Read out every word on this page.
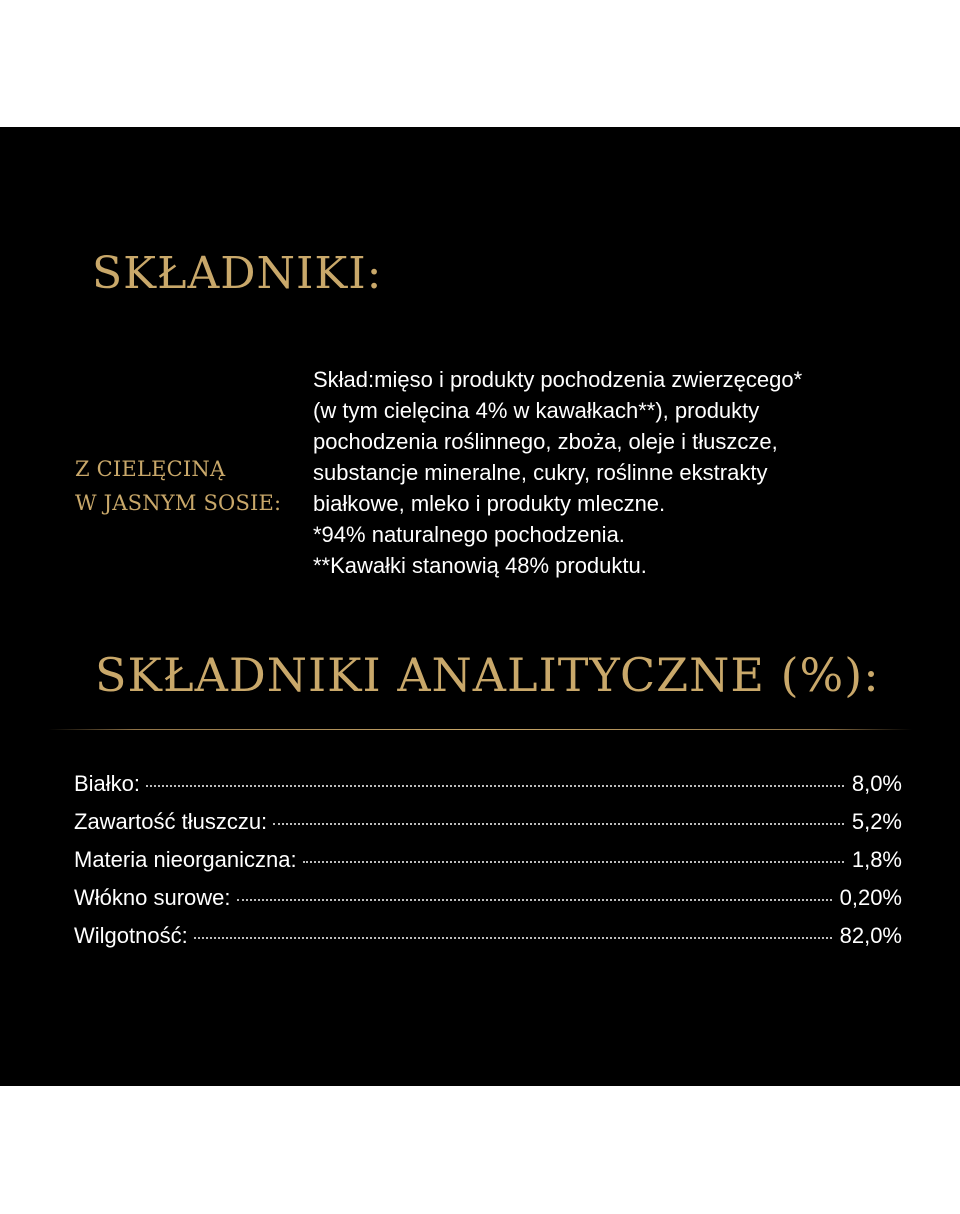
SKŁADNIKI:
Z CIELĘCINĄ
W JASNYM SOSIE:
Skład:mięso i produkty pochodzenia zwierzęcego*
(w tym cielęcina 4% w kawałkach**), produkty
pochodzenia roślinnego, zboża, oleje i tłuszcze,
substancje mineralne, cukry, roślinne ekstrakty
białkowe, mleko i produkty mleczne.
*94% naturalnego pochodzenia.
**Kawałki stanowią 48% produktu.
SKŁADNIKI ANALITYCZNE (%):
Białko:	8,0%
Zawartość tłuszczu:	5,2%
Materia nieorganiczna:	1,8%
Włókno surowe:	0,20%
Wilgotność:	82,0%
